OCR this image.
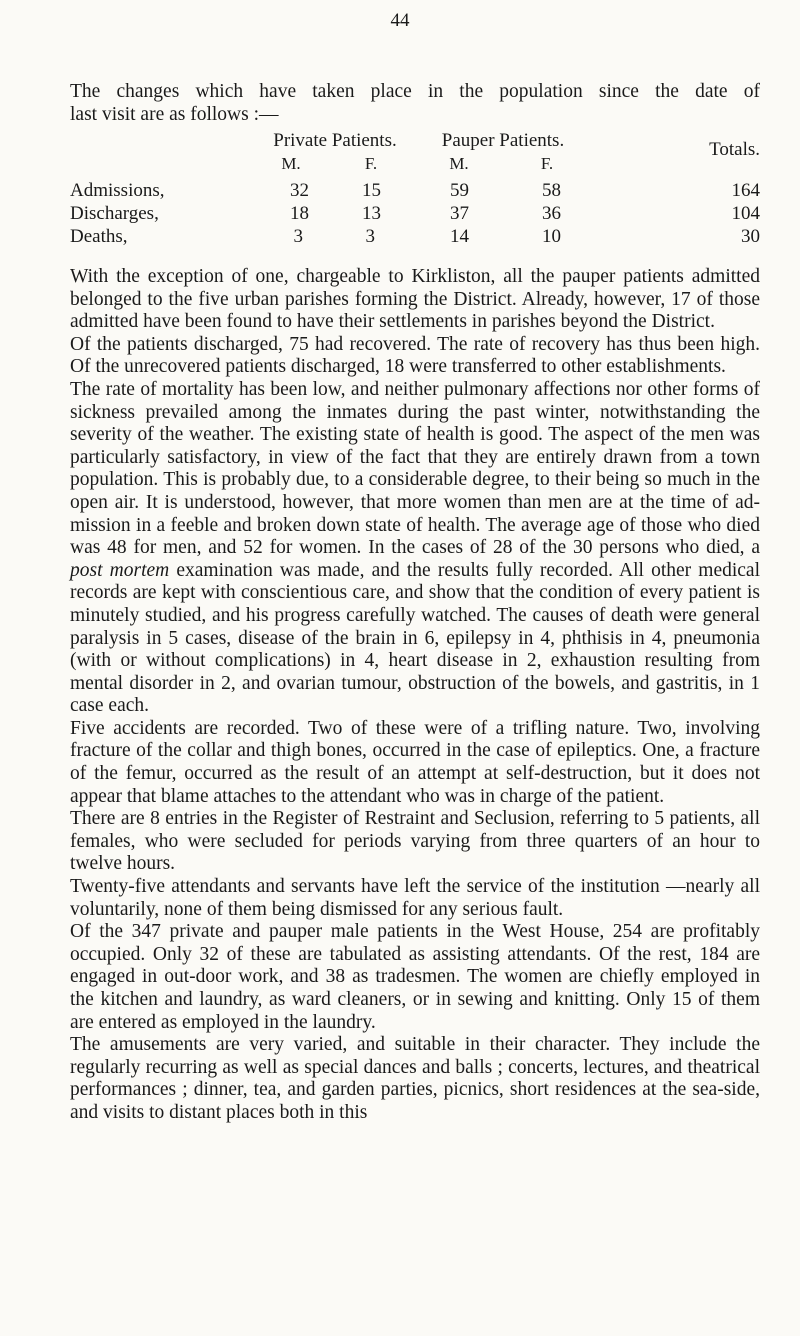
44
The changes which have taken place in the population since the date of
last visit are as follows :—
	Private Patients.		Pauper Patients.		Totals.
	M.	F.	M.	F.	
Admissions,	32	15	59	58	164
Discharges,	18	13	37	36	104
Deaths,	3	3	14	10	30

With the exception of one, chargeable to Kirkliston, all the pauper patients admitted belonged to the five urban parishes forming the District. Already, however, 17 of those admitted have been found to have their settlements in parishes beyond the District.

Of the patients discharged, 75 had recovered. The rate of recovery has thus been high. Of the unrecovered patients discharged, 18 were transferred to other establishments.

The rate of mortality has been low, and neither pulmonary affections nor other forms of sickness prevailed among the inmates during the past winter, notwithstanding the severity of the weather. The existing state of health is good. The aspect of the men was particularly satisfactory, in view of the fact that they are entirely drawn from a town population. This is probably due, to a considerable degree, to their being so much in the open air. It is understood, however, that more women than men are at the time of admission in a feeble and broken down state of health. The average age of those who died was 48 for men, and 52 for women. In the cases of 28 of the 30 persons who died, a post mortem examination was made, and the results fully recorded. All other medical records are kept with conscientious care, and show that the condition of every patient is minutely studied, and his progress carefully watched. The causes of death were general paralysis in 5 cases, disease of the brain in 6, epilepsy in 4, phthisis in 4, pneumonia (with or without complications) in 4, heart disease in 2, exhaustion resulting from mental disorder in 2, and ovarian tumour, obstruction of the bowels, and gastritis, in 1 case each.

Five accidents are recorded. Two of these were of a trifling nature. Two, involving fracture of the collar and thigh bones, occurred in the case of epileptics. One, a fracture of the femur, occurred as the result of an attempt at self-destruction, but it does not appear that blame attaches to the attendant who was in charge of the patient.

There are 8 entries in the Register of Restraint and Seclusion, referring to 5 patients, all females, who were secluded for periods varying from three quarters of an hour to twelve hours.

Twenty-five attendants and servants have left the service of the institution —nearly all voluntarily, none of them being dismissed for any serious fault.

Of the 347 private and pauper male patients in the West House, 254 are profitably occupied. Only 32 of these are tabulated as assisting attendants. Of the rest, 184 are engaged in out-door work, and 38 as tradesmen. The women are chiefly employed in the kitchen and laundry, as ward cleaners, or in sewing and knitting. Only 15 of them are entered as employed in the laundry.

The amusements are very varied, and suitable in their character. They include the regularly recurring as well as special dances and balls ; concerts, lectures, and theatrical performances ; dinner, tea, and garden parties, picnics, short residences at the sea-side, and visits to distant places both in this
